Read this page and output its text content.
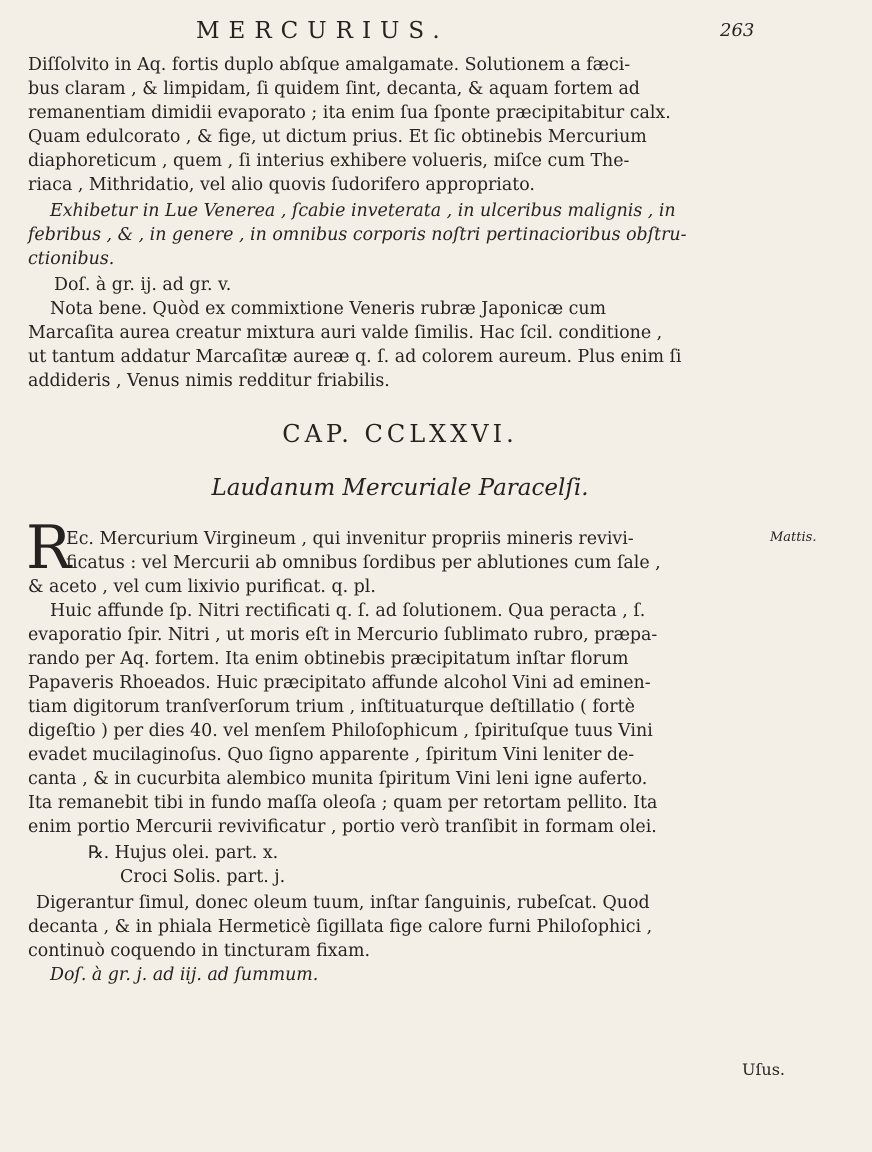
MERCURIUS.	263
Diſſolvito in Aq. fortis duplo abſque amalgamate. Solutionem a fæci-
bus claram , & limpidam, ſi quidem ſint, decanta, & aquam fortem ad
remanentiam dimidii evaporato ; ita enim ſua ſponte præcipitabitur calx.
Quam edulcorato , & fige, ut dictum prius. Et ſic obtinebis Mercurium
diaphoreticum , quem , ſi interius exhibere volueris, miſce cum The-
riaca , Mithridatio, vel alio quovis ſudorifero appropriato.
Exhibetur in Lue Venerea , ſcabie inveterata , in ulceribus malignis , in
febribus , & , in genere , in omnibus corporis noſtri pertinacioribus obſtru-
ctionibus.
Doſ. à gr. ij. ad gr. v.
Nota bene. Quòd ex commixtione Veneris rubræ Japonicæ cum
Marcaſita aurea creatur mixtura auri valde ſimilis. Hac ſcil. conditione ,
ut tantum addatur Marcaſitæ aureæ q. ſ. ad colorem aureum. Plus enim ſi
addideris , Venus nimis redditur friabilis.
CAP. CCLXXVI.
Laudanum Mercuriale Paracelſi.
R	Mattis.
Ec. Mercurium Virgineum , qui invenitur propriis mineris revivi-
ficatus : vel Mercurii ab omnibus ſordibus per ablutiones cum ſale ,
& aceto , vel cum lixivio purificat. q. pl.
Huic affunde ſp. Nitri rectificati q. ſ. ad ſolutionem. Qua peracta , ſ.
evaporatio ſpir. Nitri , ut moris eſt in Mercurio ſublimato rubro, præpa-
rando per Aq. fortem. Ita enim obtinebis præcipitatum inſtar florum
Papaveris Rhoeados. Huic præcipitato affunde alcohol Vini ad eminen-
tiam digitorum tranſverſorum trium , inſtituaturque deſtillatio ( fortè
digeſtio ) per dies 40. vel menſem Philoſophicum , ſpirituſque tuus Vini
evadet mucilaginoſus. Quo ſigno apparente , ſpiritum Vini leniter de-
canta , & in cucurbita alembico munita ſpiritum Vini leni igne auferto.
Ita remanebit tibi in fundo maſſa oleoſa ; quam per retortam pellito. Ita
enim portio Mercurii revivificatur , portio verò tranſibit in formam olei.
℞. Hujus olei. part. x.
Croci Solis. part. j.
Digerantur ſimul, donec oleum tuum, inſtar ſanguinis, rubeſcat. Quod
decanta , & in phiala Hermeticè ſigillata fige calore furni Philoſophici ,
continuò coquendo in tincturam fixam.
Doſ. à gr. j. ad iij. ad ſummum.
Uſus.
